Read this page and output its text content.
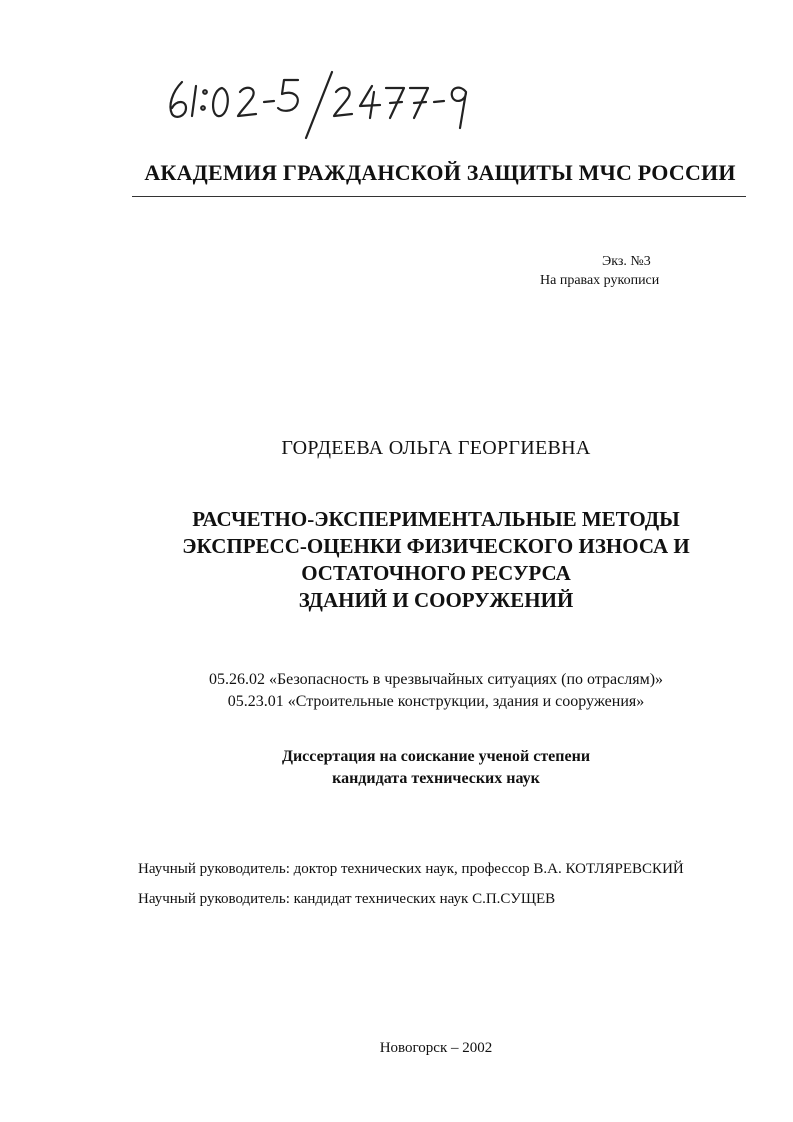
АКАДЕМИЯ ГРАЖДАНСКОЙ ЗАЩИТЫ МЧС РОССИИ
Экз. №3
На правах рукописи
ГОРДЕЕВА ОЛЬГА ГЕОРГИЕВНА
РАСЧЕТНО-ЭКСПЕРИМЕНТАЛЬНЫЕ МЕТОДЫ
ЭКСПРЕСС-ОЦЕНКИ ФИЗИЧЕСКОГО ИЗНОСА И
ОСТАТОЧНОГО РЕСУРСА
ЗДАНИЙ И СООРУЖЕНИЙ
05.26.02 «Безопасность в чрезвычайных ситуациях (по отраслям)»
05.23.01 «Строительные конструкции, здания и сооружения»
Диссертация на соискание ученой степени
кандидата технических наук
Научный руководитель: доктор технических наук, профессор В.А. КОТЛЯРЕВСКИЙ
Научный руководитель: кандидат технических наук С.П.СУЩЕВ
Новогорск – 2002
